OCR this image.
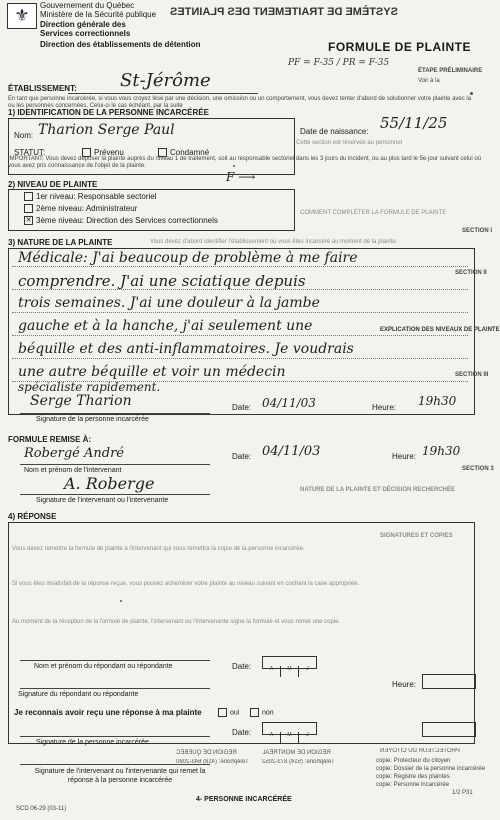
⚜
Gouvernement du Québec
Ministère de la Sécurité publique
Direction générale des
Services correctionnels
Direction des établissements de détention
SYSTÈME DE TRAITEMENT DES PLAINTES
FORMULE DE PLAINTE
PF = F-35 / PR = F-35
ÉTAPE PRÉLIMINAIRE
Voir à la
ÉTABLISSEMENT: St-Jérôme
En tant que personne incarcérée, si vous vous croyez lésé par une décision, une omission ou un comportement, vous devez tenter d'abord de solutionner votre plainte avec la ou les personnes concernées. Celui-ci le cas échéant, par la suite
1) IDENTIFICATION DE LA PERSONNE INCARCÉRÉE
Nom: Tharion Serge Paul	Date de naissance: 55/11/25
Cette section est réservée au personnel
STATUT:	Prévenu	Condamné
IMPORTANT: Vous devez déposer la plainte auprès du niveau 1 de traitement, soit au responsable sectoriel dans les 3 jours du incident, ou au plus tard le 5e jour suivant celui où vous avez pris connaissance de l'objet de la plainte.
F ⟶
2) NIVEAU DE PLAINTE
1er niveau: Responsable sectoriel
2ème niveau: Administrateur
✕ 3ème niveau: Direction des Services correctionnels
COMMENT COMPLÉTER LA FORMULE DE PLAINTE
SECTION I
3) NATURE DE LA PLAINTE	Vous devez d'abord identifier l'établissement où vous êtes incarcéré au moment de la plainte.
Médicale: J'ai beaucoup de problème à me faire
comprendre. J'ai une sciatique depuis
trois semaines. J'ai une douleur à la jambe
gauche et à la hanche, j'ai seulement une
béquille et des anti-inflammatoires. Je voudrais
une autre béquille et voir un médecin
spécialiste rapidement.
EXPLICATION DES NIVEAUX DE PLAINTE
SECTION II
SECTION III
Serge Tharion
Signature de la personne incarcérée
Date: 04/11/03	Heure: 19h30
FORMULE REMISE À:
Robergé André
Nom et prénom de l'intervenant
Date: 04/11/03	Heure: 19h30
SECTION 3
A. Roberge
Signature de l'intervenant ou l'intervenante
NATURE DE LA PLAINTE ET DÉCISION RECHERCHÉE
4) RÉPONSE
SIGNATURES ET COPIES
Vous devez remettre la formule de plainte à l'intervenant qui vous remettra la copie de la personne incarcérée.
Si vous êtes insatisfait de la réponse reçue, vous pouvez acheminer votre plainte au niveau suivant en cochant la case appropriée.
Au moment de la réception de la formule de plainte, l'intervenant ou l'intervenante signe la formule et vous remet une copie.
Nom et prénom du répondant ou répondante	Date:	A	M	J
Signature du répondant ou répondante
Heure:
Je reconnais avoir reçu une réponse à ma plainte	oui	non
Signature de la personne incarcérée
Date:	A	M	J
Signature de l'intervenant ou l'intervenante qui remet la réponse à la personne incarcérée
RÉGION DE QUÉBEC
Téléphone: (418) 643-2080
RÉGION DE MONTRÉAL
Téléphone: (514) 873-2052
PROTECTEUR DU CITOYEN
copie: Protecteur du citoyen
copie: Dossier de la personne incarcérée
copie: Registre des plaintes
copie: Personne incarcérée
1/2 P31
4- PERSONNE INCARCÉRÉE
SCD 06-29 (03-11)
